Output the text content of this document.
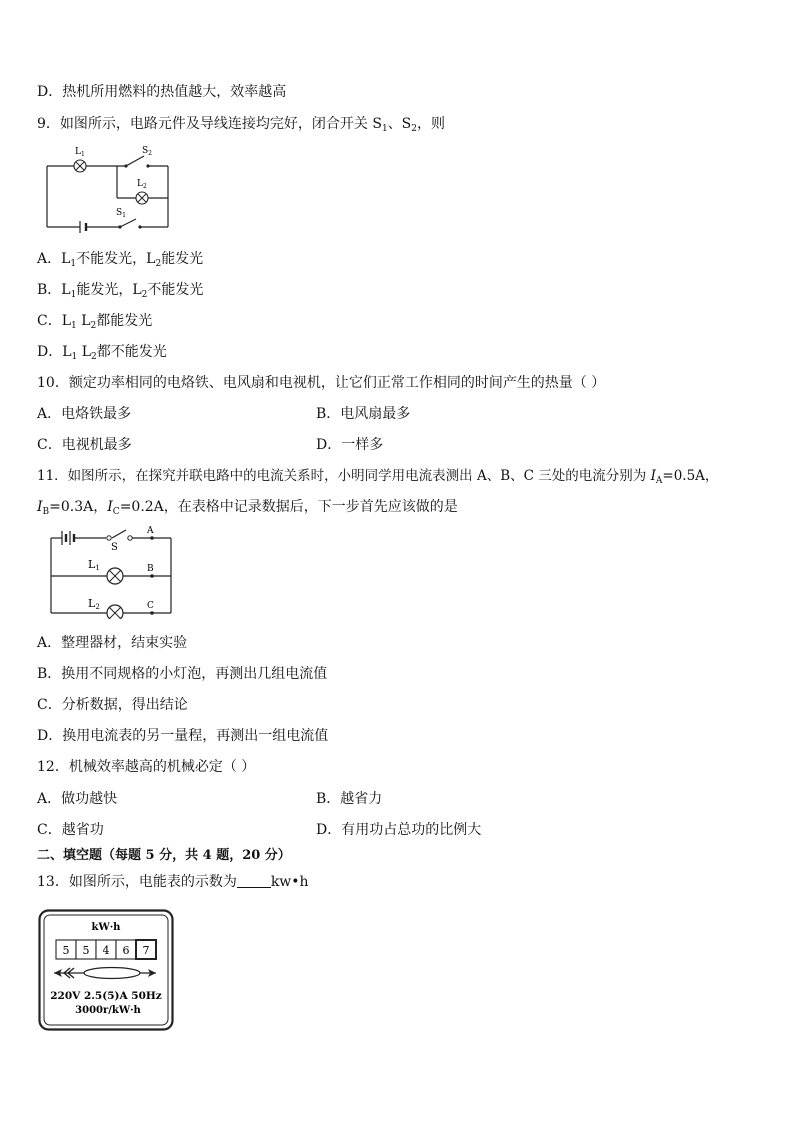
D．热机所用燃料的热值越大，效率越高
9．如图所示，电路元件及导线连接均完好，闭合开关 $S_1$、$S_2$，则
$L_1$
$L_2$
$S_2$
$S_1$
A．$L_1$不能发光，$L_2$能发光
B．$L_1$能发光，$L_2$不能发光
C．$L_1$ $L_2$都能发光
D．$L_1$ $L_2$都不能发光
10．额定功率相同的电烙铁、电风扇和电视机，让它们正常工作相同的时间产生的热量（ ）
A．电烙铁最多	B．电风扇最多
C．电视机最多	D．一样多
11．如图所示，在探究并联电路中的电流关系时，小明同学用电流表测出 A、B、C 三处的电流分别为 $I_A=0.5A$，
$I_B=0.3A$，$I_C=0.2A$，在表格中记录数据后，下一步首先应该做的是
S
A
B
C
L1
L2
A．整理器材，结束实验
B．换用不同规格的小灯泡，再测出几组电流值
C．分析数据，得出结论
D．换用电流表的另一量程，再测出一组电流值
12．机械效率越高的机械必定（ ）
A．做功越快	B．越省力
C．越省功	D．有用功占总功的比例大
二、填空题（每题 5 分，共 4 题，20 分）
13．如图所示，电能表的示数为 kw•h
kW·h
5 5 4 6 7
220V 2.5(5)A 50Hz
3000r/kW·h
